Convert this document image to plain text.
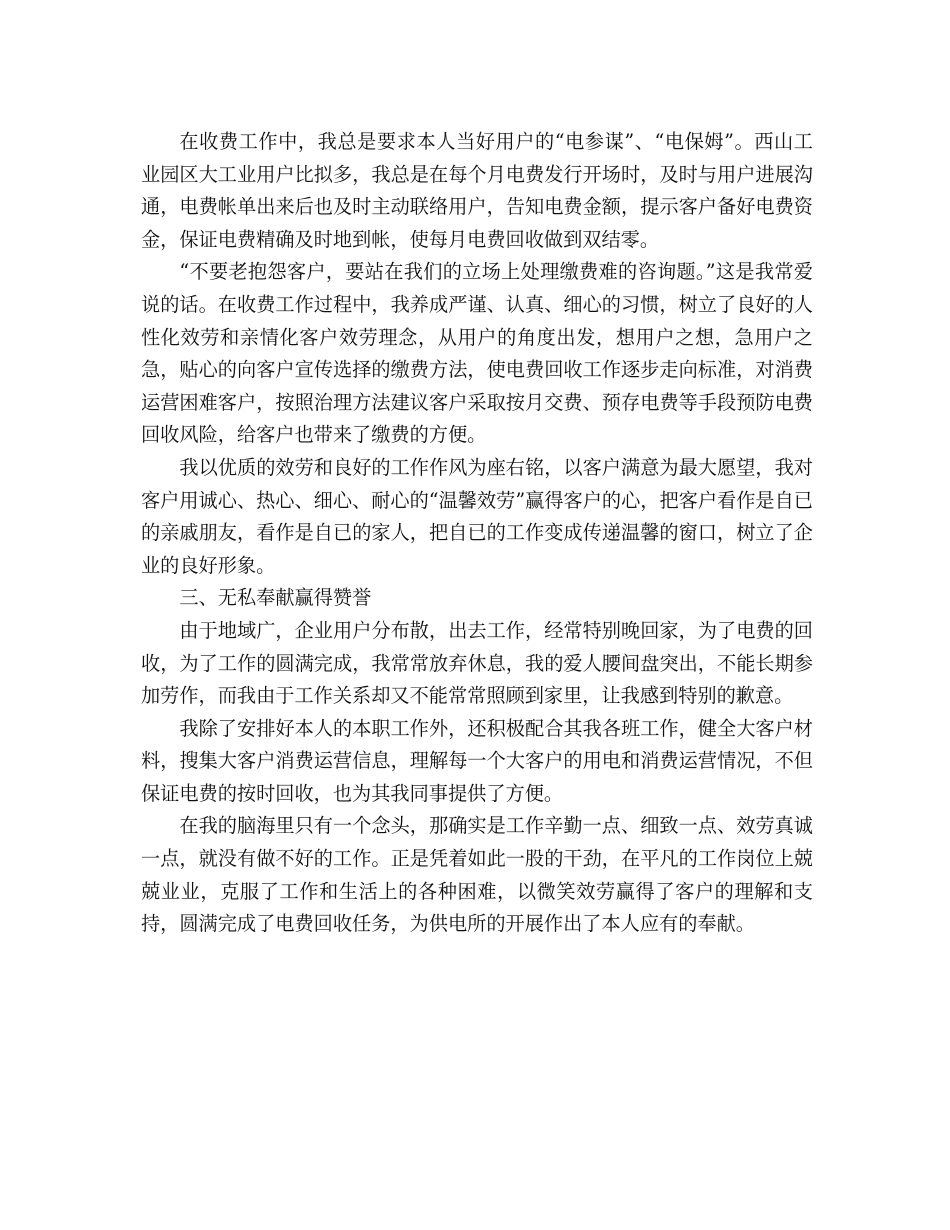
在收费工作中，我总是要求本人当好用户的“电参谋”、“电保姆”。西山工业园区大工业用户比拟多，我总是在每个月电费发行开场时，及时与用户进展沟通，电费帐单出来后也及时主动联络用户，告知电费金额，提示客户备好电费资金，保证电费精确及时地到帐，使每月电费回收做到双结零。

“不要老抱怨客户，要站在我们的立场上处理缴费难的咨询题。”这是我常爱说的话。在收费工作过程中，我养成严谨、认真、细心的习惯，树立了良好的人性化效劳和亲情化客户效劳理念，从用户的角度出发，想用户之想，急用户之急，贴心的向客户宣传选择的缴费方法，使电费回收工作逐步走向标准，对消费运营困难客户，按照治理方法建议客户采取按月交费、预存电费等手段预防电费回收风险，给客户也带来了缴费的方便。

我以优质的效劳和良好的工作作风为座右铭，以客户满意为最大愿望，我对客户用诚心、热心、细心、耐心的“温馨效劳”赢得客户的心，把客户看作是自已的亲戚朋友，看作是自已的家人，把自已的工作变成传递温馨的窗口，树立了企业的良好形象。

三、无私奉献赢得赞誉

由于地域广，企业用户分布散，出去工作，经常特别晚回家，为了电费的回收，为了工作的圆满完成，我常常放弃休息，我的爱人腰间盘突出，不能长期参加劳作，而我由于工作关系却又不能常常照顾到家里，让我感到特别的歉意。

我除了安排好本人的本职工作外，还积极配合其我各班工作，健全大客户材料，搜集大客户消费运营信息，理解每一个大客户的用电和消费运营情况，不但保证电费的按时回收，也为其我同事提供了方便。

在我的脑海里只有一个念头，那确实是工作辛勤一点、细致一点、效劳真诚一点，就没有做不好的工作。正是凭着如此一股的干劲，在平凡的工作岗位上兢兢业业，克服了工作和生活上的各种困难，以微笑效劳赢得了客户的理解和支持，圆满完成了电费回收任务，为供电所的开展作出了本人应有的奉献。
